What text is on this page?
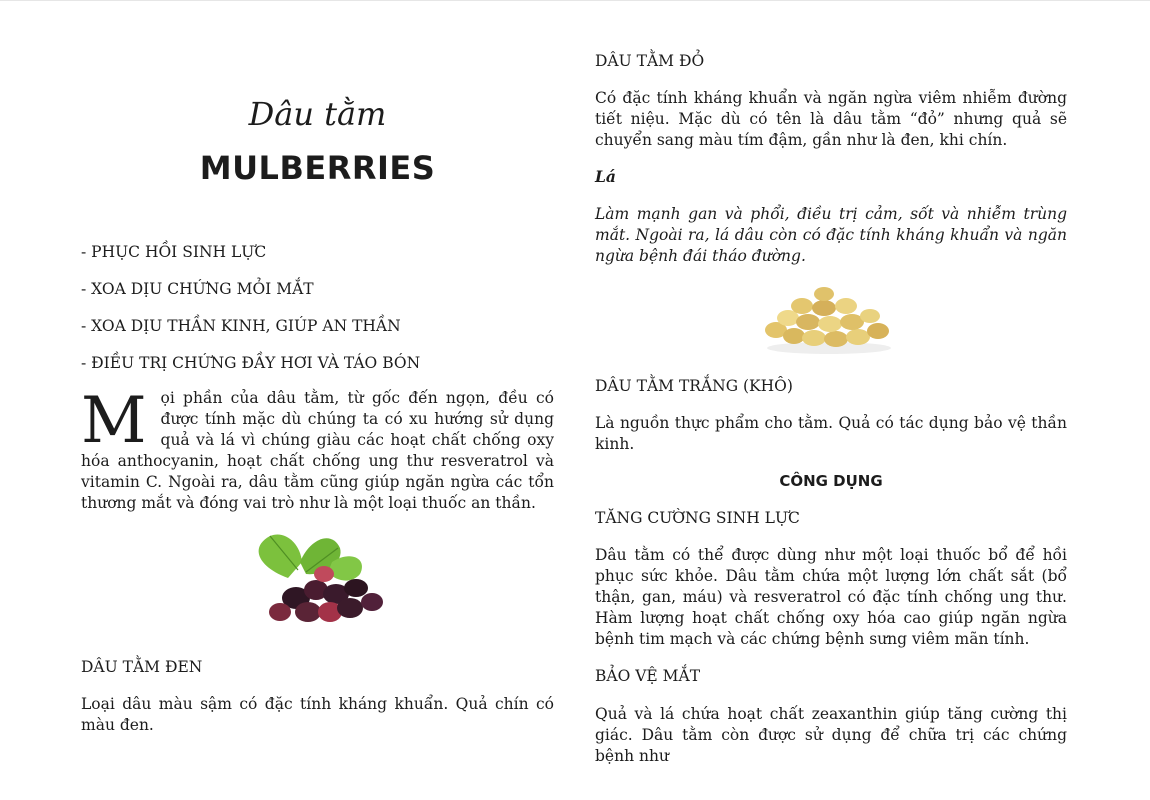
Dâu tằm
MULBERRIES
- PHỤC HỒI SINH LỰC
- XOA DỊU CHỨNG MỎI MẮT
- XOA DỊU THẦN KINH, GIÚP AN THẦN
- ĐIỀU TRỊ CHỨNG ĐẦY HƠI VÀ TÁO BÓN

Mọi phần của dâu tằm, từ gốc đến ngọn, đều có được tính mặc dù chúng ta có xu hướng sử dụng quả và lá vì chúng giàu các hoạt chất chống oxy hóa anthocyanin, hoạt chất chống ung thư resveratrol và vitamin C. Ngoài ra, dâu tằm cũng giúp ngăn ngừa các tổn thương mắt và đóng vai trò như là một loại thuốc an thần.

DÂU TẰM ĐEN

Loại dâu màu sậm có đặc tính kháng khuẩn. Quả chín có màu đen.

DÂU TẰM ĐỎ

Có đặc tính kháng khuẩn và ngăn ngừa viêm nhiễm đường tiết niệu. Mặc dù có tên là dâu tằm “đỏ” nhưng quả sẽ chuyển sang màu tím đậm, gần như là đen, khi chín.

Lá

Làm mạnh gan và phổi, điều trị cảm, sốt và nhiễm trùng mắt. Ngoài ra, lá dâu còn có đặc tính kháng khuẩn và ngăn ngừa bệnh đái tháo đường.

DÂU TẰM TRẮNG (KHÔ)

Là nguồn thực phẩm cho tằm. Quả có tác dụng bảo vệ thần kinh.

CÔNG DỤNG
TĂNG CƯỜNG SINH LỰC

Dâu tằm có thể được dùng như một loại thuốc bổ để hồi phục sức khỏe. Dâu tằm chứa một lượng lớn chất sắt (bổ thận, gan, máu) và resveratrol có đặc tính chống ung thư. Hàm lượng hoạt chất chống oxy hóa cao giúp ngăn ngừa bệnh tim mạch và các chứng bệnh sưng viêm mãn tính.

BẢO VỆ MẮT

Quả và lá chứa hoạt chất zeaxanthin giúp tăng cường thị giác. Dâu tằm còn được sử dụng để chữa trị các chứng bệnh như
